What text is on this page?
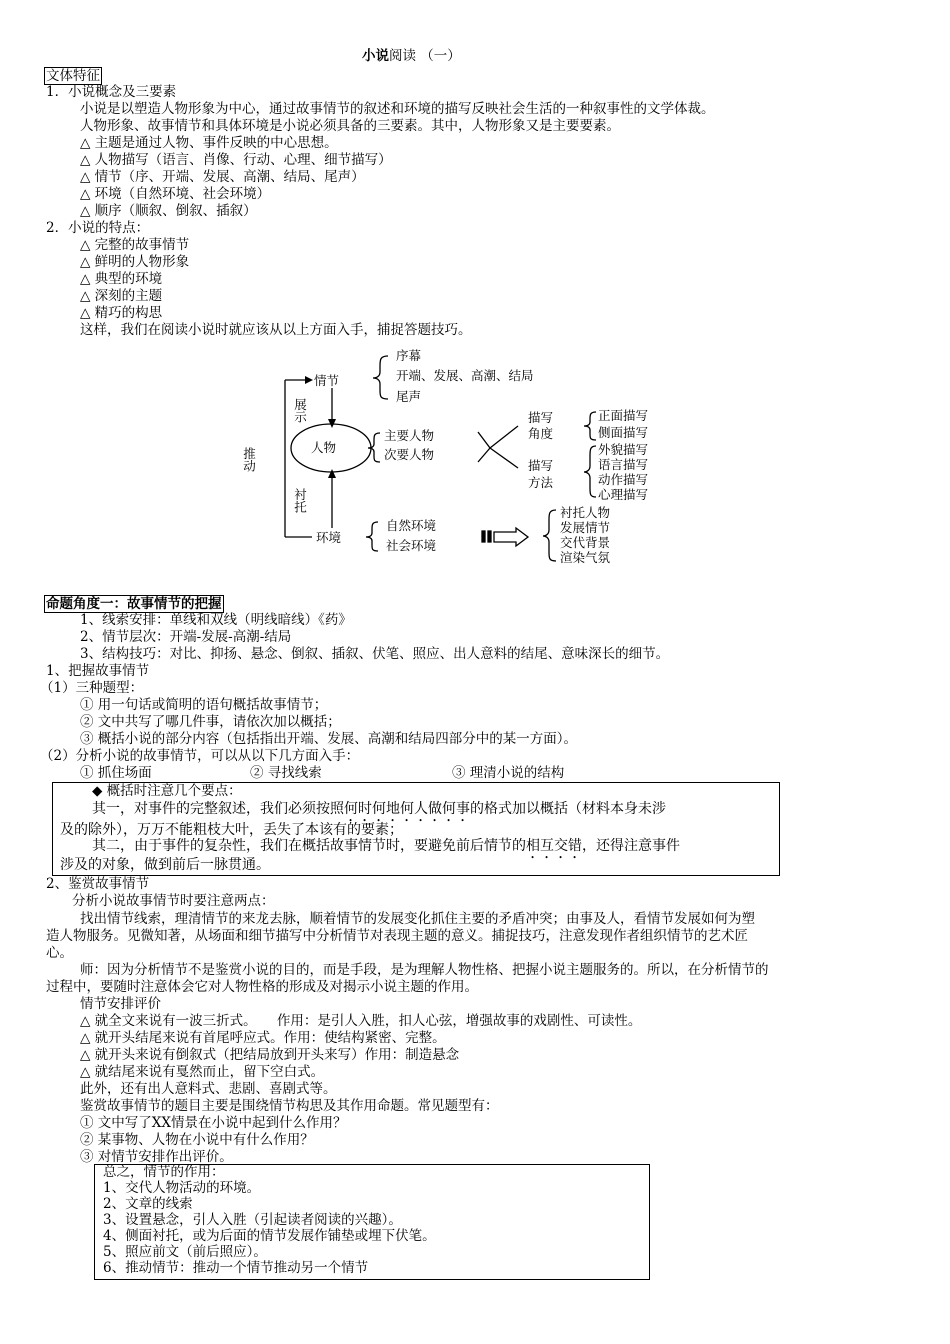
小说阅读 （一）
文体特征
1．小说概念及三要素
小说是以塑造人物形象为中心，通过故事情节的叙述和环境的描写反映社会生活的一种叙事性的文学体裁。
人物形象、故事情节和具体环境是小说必须具备的三要素。其中，人物形象又是主要要素。
△ 主题是通过人物、事件反映的中心思想。
△ 人物描写（语言、肖像、行动、心理、细节描写）
△ 情节（序、开端、发展、高潮、结局、尾声）
△ 环境（自然环境、社会环境）
△ 顺序（顺叙、倒叙、插叙）
2．小说的特点：
△ 完整的故事情节
△ 鲜明的人物形象
△ 典型的环境
△ 深刻的主题
△ 精巧的构思
这样，我们在阅读小说时就应该从以上方面入手，捕捉答题技巧。
推动
情节
展示
人物
衬托
环境
序幕
开端、发展、高潮、结局
尾声
主要人物
次要人物
描写
角度
正面描写
侧面描写
描写
方法
外貌描写
语言描写
动作描写
心理描写
自然环境
社会环境
衬托人物
发展情节
交代背景
渲染气氛
命题角度一：故事情节的把握
1、线索安排：单线和双线（明线暗线）《药》
2、情节层次：开端-发展-高潮-结局
3、结构技巧：对比、抑扬、悬念、倒叙、插叙、伏笔、照应、出人意料的结尾、意味深长的细节。
1、把握故事情节
（1）三种题型：
① 用一句话或简明的语句概括故事情节；
② 文中共写了哪几件事，请依次加以概括；
③ 概括小说的部分内容（包括指出开端、发展、高潮和结局四部分中的某一方面）。
（2）分析小说的故事情节，可以从以下几方面入手：
① 抓住场面	② 寻找线索	③ 理清小说的结构
◆ 概括时注意几个要点：
其一，对事件的完整叙述，我们必须按照何时何地何人做何事的格式加以概括（材料本身未涉
及的除外），万万不能粗枝大叶，丢失了本该有的要素；
其二，由于事件的复杂性，我们在概括故事情节时，要避免前后情节的相互交错，还得注意事件
涉及的对象，做到前后一脉贯通。
2、鉴赏故事情节
分析小说故事情节时要注意两点：
找出情节线索，理清情节的来龙去脉，顺着情节的发展变化抓住主要的矛盾冲突；由事及人，看情节发展如何为塑
造人物服务。见微知著，从场面和细节描写中分析情节对表现主题的意义。捕捉技巧，注意发现作者组织情节的艺术匠
心。
师：因为分析情节不是鉴赏小说的目的，而是手段，是为理解人物性格、把握小说主题服务的。所以，在分析情节的
过程中，要随时注意体会它对人物性格的形成及对揭示小说主题的作用。
情节安排评价
△ 就全文来说有一波三折式。　　作用：是引人入胜，扣人心弦，增强故事的戏剧性、可读性。
△ 就开头结尾来说有首尾呼应式。作用：使结构紧密、完整。
△ 就开头来说有倒叙式（把结局放到开头来写）作用：制造悬念
△ 就结尾来说有戛然而止，留下空白式。
此外，还有出人意料式、悲剧、喜剧式等。
鉴赏故事情节的题目主要是围绕情节构思及其作用命题。常见题型有：
① 文中写了XX情景在小说中起到什么作用？
② 某事物、人物在小说中有什么作用？
③ 对情节安排作出评价。
总之，情节的作用：
1、交代人物活动的环境。
2、文章的线索
3、设置悬念，引人入胜（引起读者阅读的兴趣）。
4、侧面衬托，或为后面的情节发展作铺垫或埋下伏笔。
5、照应前文（前后照应）。
6、推动情节：推动一个情节推动另一个情节
